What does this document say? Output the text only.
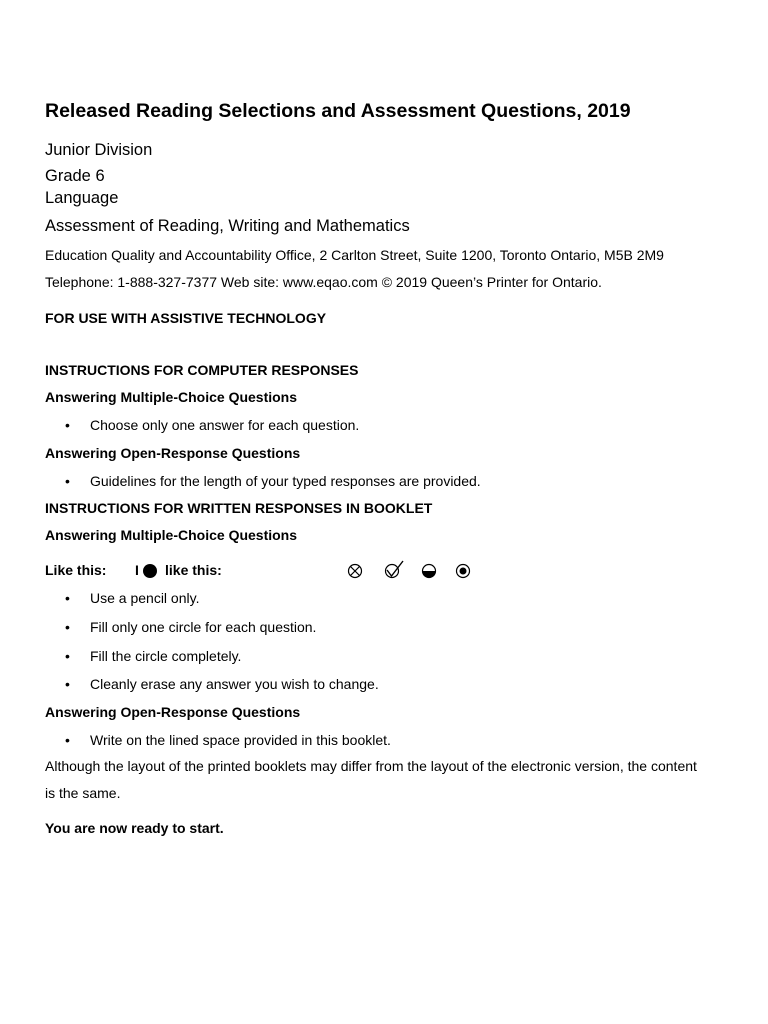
Released Reading Selections and Assessment Questions, 2019
Junior Division
Grade 6
Language
Assessment of Reading, Writing and Mathematics
Education Quality and Accountability Office, 2 Carlton Street, Suite 1200, Toronto Ontario, M5B 2M9
Telephone: 1-888-327-7377 Web site: www.eqao.com © 2019 Queen’s Printer for Ontario.
FOR USE WITH ASSISTIVE TECHNOLOGY
INSTRUCTIONS FOR COMPUTER RESPONSES
Answering Multiple-Choice Questions
• Choose only one answer for each question.
Answering Open-Response Questions
• Guidelines for the length of your typed responses are provided.
INSTRUCTIONS FOR WRITTEN RESPONSES IN BOOKLET
Answering Multiple-Choice Questions
Like this: I like this:
• Use a pencil only.
• Fill only one circle for each question.
• Fill the circle completely.
• Cleanly erase any answer you wish to change.
Answering Open-Response Questions
• Write on the lined space provided in this booklet.
Although the layout of the printed booklets may differ from the layout of the electronic version, the content is the same.
You are now ready to start.
